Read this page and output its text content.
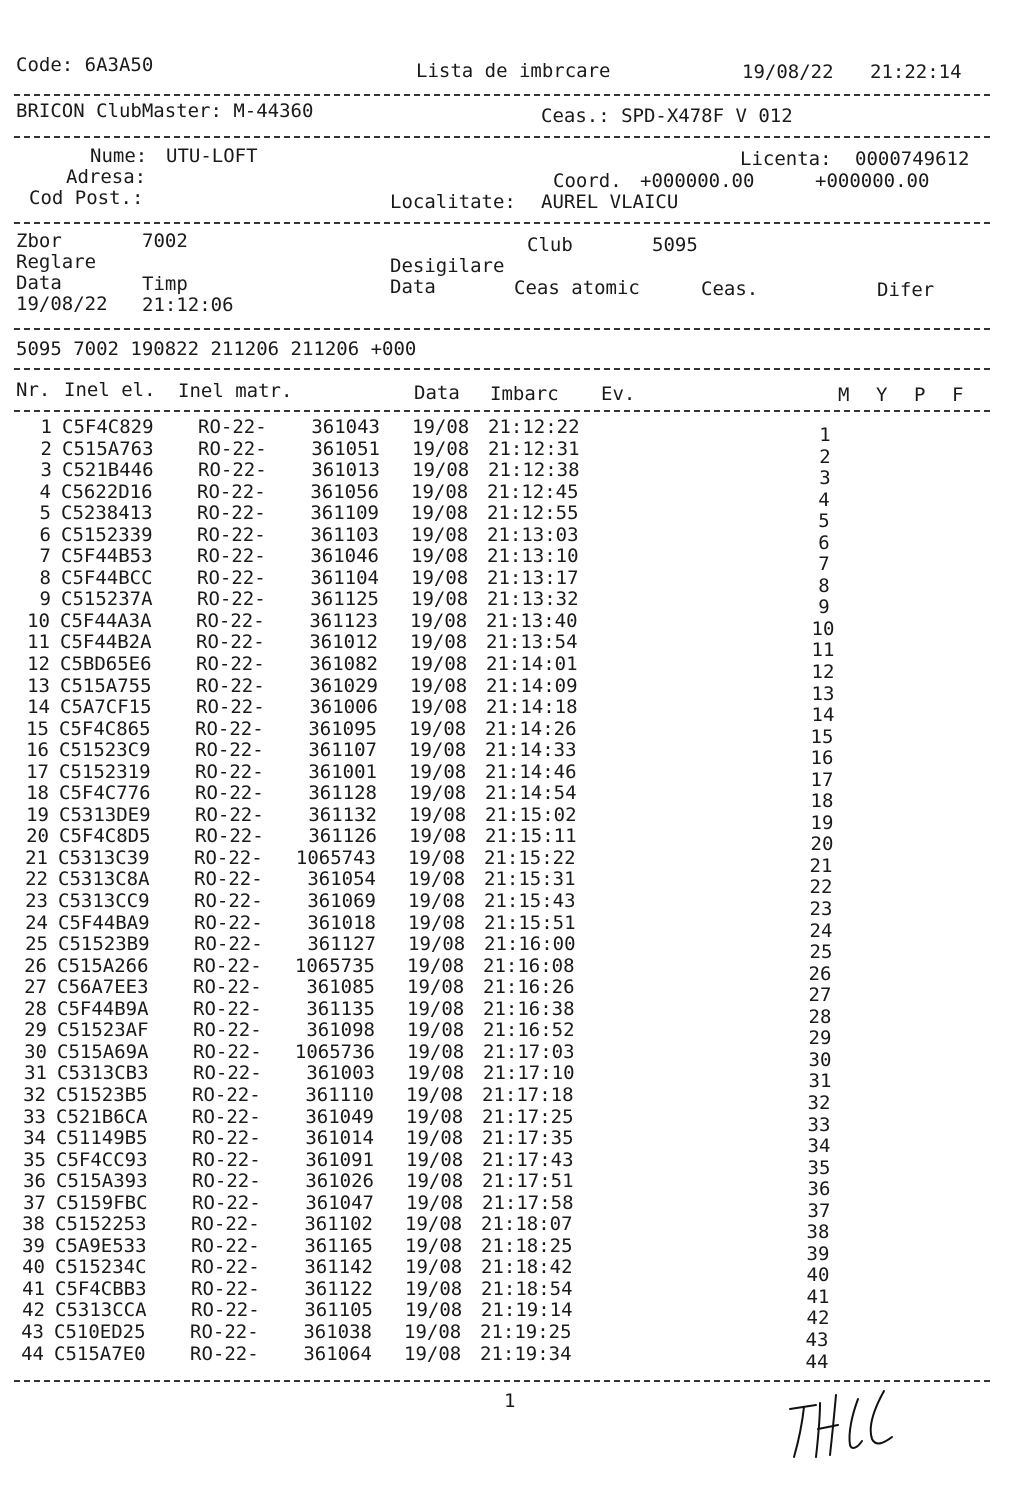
Code: 6A3A50	Lista de imbrcare	19/08/22 21:22:14
BRICON ClubMaster: M-44360	Ceas.: SPD-X478F V 012
Nume: UTU-LOFT	Licenta: 0000749612
Adresa:	Coord. +000000.00	+000000.00
Cod Post.:	Localitate: AUREL VLAICU
Zbor	7002	Club	5095
Reglare	Desigilare
Data	Timp	Data	Ceas atomic	Ceas.	Difer
19/08/22 21:12:06
5095 7002 190822 211206 211206 +000
Nr. Inel el. Inel matr.	Data Imbarc Ev.	M Y P F
1 C5F4C829 RO-22-	361043 19/08 21:12:22	1
2 C515A763 RO-22-	361051 19/08 21:12:31	2
3 C521B446 RO-22-	361013 19/08 21:12:38	3
4 C5622D16 RO-22-	361056 19/08 21:12:45	4
5 C5238413 RO-22-	361109 19/08 21:12:55	5
6 C5152339 RO-22-	361103 19/08 21:13:03	6
7 C5F44B53 RO-22-	361046 19/08 21:13:10	7
8 C5F44BCC RO-22-	361104 19/08 21:13:17	8
9 C515237A RO-22-	361125 19/08 21:13:32	9
10 C5F44A3A RO-22-	361123 19/08 21:13:40	10
11 C5F44B2A RO-22-	361012 19/08 21:13:54	11
12 C5BD65E6 RO-22-	361082 19/08 21:14:01	12
13 C515A755 RO-22-	361029 19/08 21:14:09	13
14 C5A7CF15 RO-22-	361006 19/08 21:14:18	14
15 C5F4C865 RO-22-	361095 19/08 21:14:26	15
16 C51523C9 RO-22-	361107 19/08 21:14:33	16
17 C5152319 RO-22-	361001 19/08 21:14:46	17
18 C5F4C776 RO-22-	361128 19/08 21:14:54	18
19 C5313DE9 RO-22-	361132 19/08 21:15:02	19
20 C5F4C8D5 RO-22-	361126 19/08 21:15:11	20
21 C5313C39 RO-22-	1065743 19/08 21:15:22	21
22 C5313C8A RO-22-	361054 19/08 21:15:31	22
23 C5313CC9 RO-22-	361069 19/08 21:15:43	23
24 C5F44BA9 RO-22-	361018 19/08 21:15:51	24
25 C51523B9 RO-22-	361127 19/08 21:16:00	25
26 C515A266 RO-22-	1065735 19/08 21:16:08	26
27 C56A7EE3 RO-22-	361085 19/08 21:16:26	27
28 C5F44B9A RO-22-	361135 19/08 21:16:38	28
29 C51523AF RO-22-	361098 19/08 21:16:52	29
30 C515A69A RO-22-	1065736 19/08 21:17:03	30
31 C5313CB3 RO-22-	361003 19/08 21:17:10	31
32 C51523B5 RO-22-	361110 19/08 21:17:18	32
33 C521B6CA RO-22-	361049 19/08 21:17:25	33
34 C51149B5 RO-22-	361014 19/08 21:17:35	34
35 C5F4CC93 RO-22-	361091 19/08 21:17:43	35
36 C515A393 RO-22-	361026 19/08 21:17:51	36
37 C5159FBC RO-22-	361047 19/08 21:17:58	37
38 C5152253 RO-22-	361102 19/08 21:18:07	38
39 C5A9E533 RO-22-	361165 19/08 21:18:25	39
40 C515234C RO-22-	361142 19/08 21:18:42	40
41 C5F4CBB3 RO-22-	361122 19/08 21:18:54	41
42 C5313CCA RO-22-	361105 19/08 21:19:14	42
43 C510ED25 RO-22-	361038 19/08 21:19:25	43
44 C515A7E0 RO-22-	361064 19/08 21:19:34	44
1
